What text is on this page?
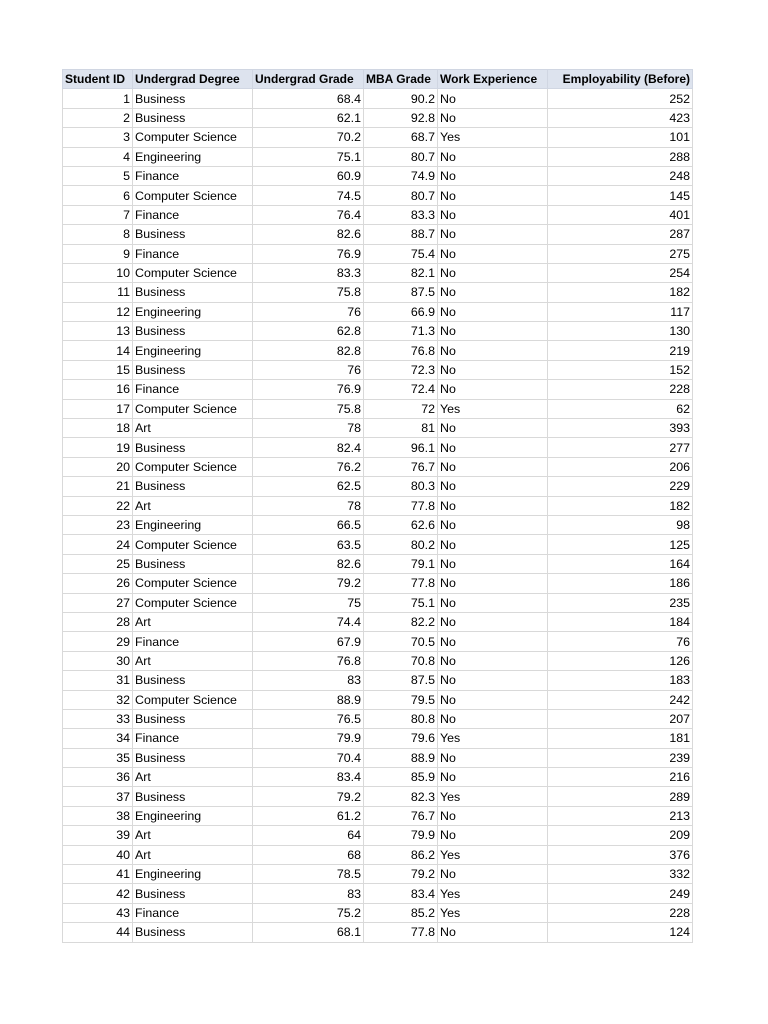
Student ID	Undergrad Degree	Undergrad Grade	MBA Grade	Work Experience	Employability (Before)
1	Business	68.4	90.2	No	252
2	Business	62.1	92.8	No	423
3	Computer Science	70.2	68.7	Yes	101
4	Engineering	75.1	80.7	No	288
5	Finance	60.9	74.9	No	248
6	Computer Science	74.5	80.7	No	145
7	Finance	76.4	83.3	No	401
8	Business	82.6	88.7	No	287
9	Finance	76.9	75.4	No	275
10	Computer Science	83.3	82.1	No	254
11	Business	75.8	87.5	No	182
12	Engineering	76	66.9	No	117
13	Business	62.8	71.3	No	130
14	Engineering	82.8	76.8	No	219
15	Business	76	72.3	No	152
16	Finance	76.9	72.4	No	228
17	Computer Science	75.8	72	Yes	62
18	Art	78	81	No	393
19	Business	82.4	96.1	No	277
20	Computer Science	76.2	76.7	No	206
21	Business	62.5	80.3	No	229
22	Art	78	77.8	No	182
23	Engineering	66.5	62.6	No	98
24	Computer Science	63.5	80.2	No	125
25	Business	82.6	79.1	No	164
26	Computer Science	79.2	77.8	No	186
27	Computer Science	75	75.1	No	235
28	Art	74.4	82.2	No	184
29	Finance	67.9	70.5	No	76
30	Art	76.8	70.8	No	126
31	Business	83	87.5	No	183
32	Computer Science	88.9	79.5	No	242
33	Business	76.5	80.8	No	207
34	Finance	79.9	79.6	Yes	181
35	Business	70.4	88.9	No	239
36	Art	83.4	85.9	No	216
37	Business	79.2	82.3	Yes	289
38	Engineering	61.2	76.7	No	213
39	Art	64	79.9	No	209
40	Art	68	86.2	Yes	376
41	Engineering	78.5	79.2	No	332
42	Business	83	83.4	Yes	249
43	Finance	75.2	85.2	Yes	228
44	Business	68.1	77.8	No	124
